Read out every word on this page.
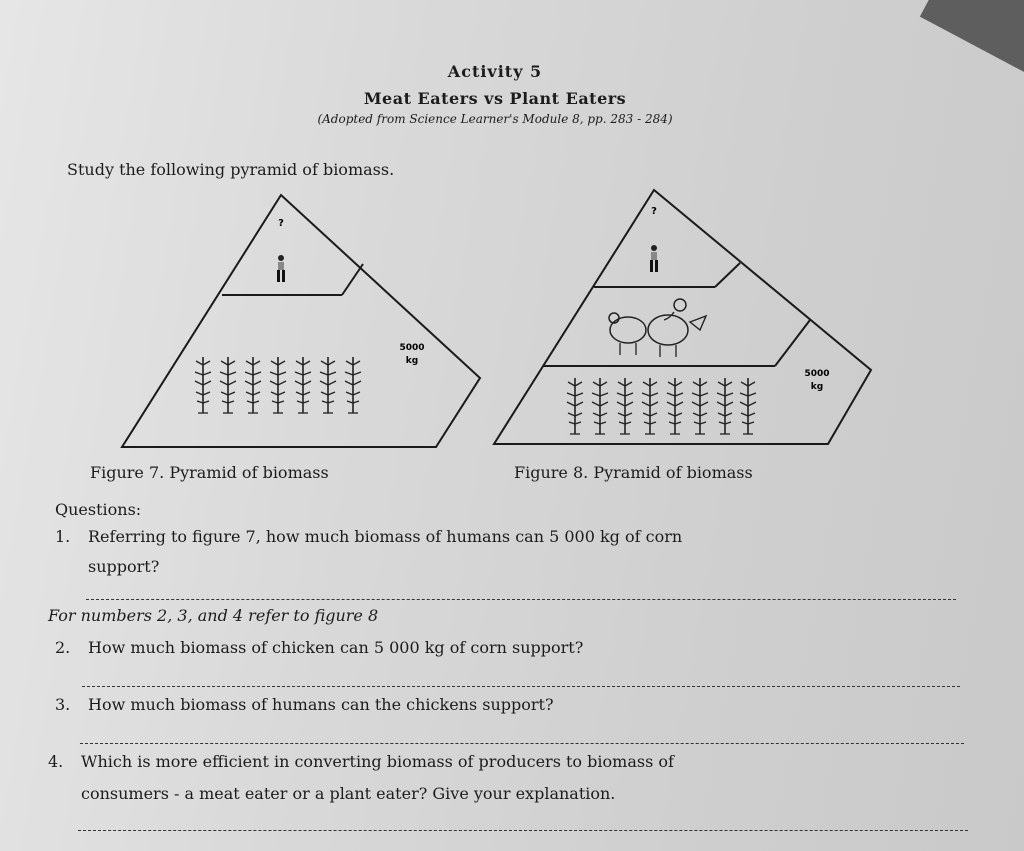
Activity 5

Meat Eaters vs Plant Eaters

(Adopted from Science Learner's Module 8, pp. 283 - 284)

Study the following pyramid of biomass.

?
5000
kg
?
5000
kg

Figure 7. Pyramid of biomass	Figure 8. Pyramid of biomass

Questions:

1. Referring to figure 7, how much biomass of humans can 5 000 kg of corn
support?

For numbers 2, 3, and 4 refer to figure 8

2. How much biomass of chicken can 5 000 kg of corn support?
3. How much biomass of humans can the chickens support?
4. Which is more efficient in converting biomass of producers to biomass of
consumers - a meat eater or a plant eater? Give your explanation.
